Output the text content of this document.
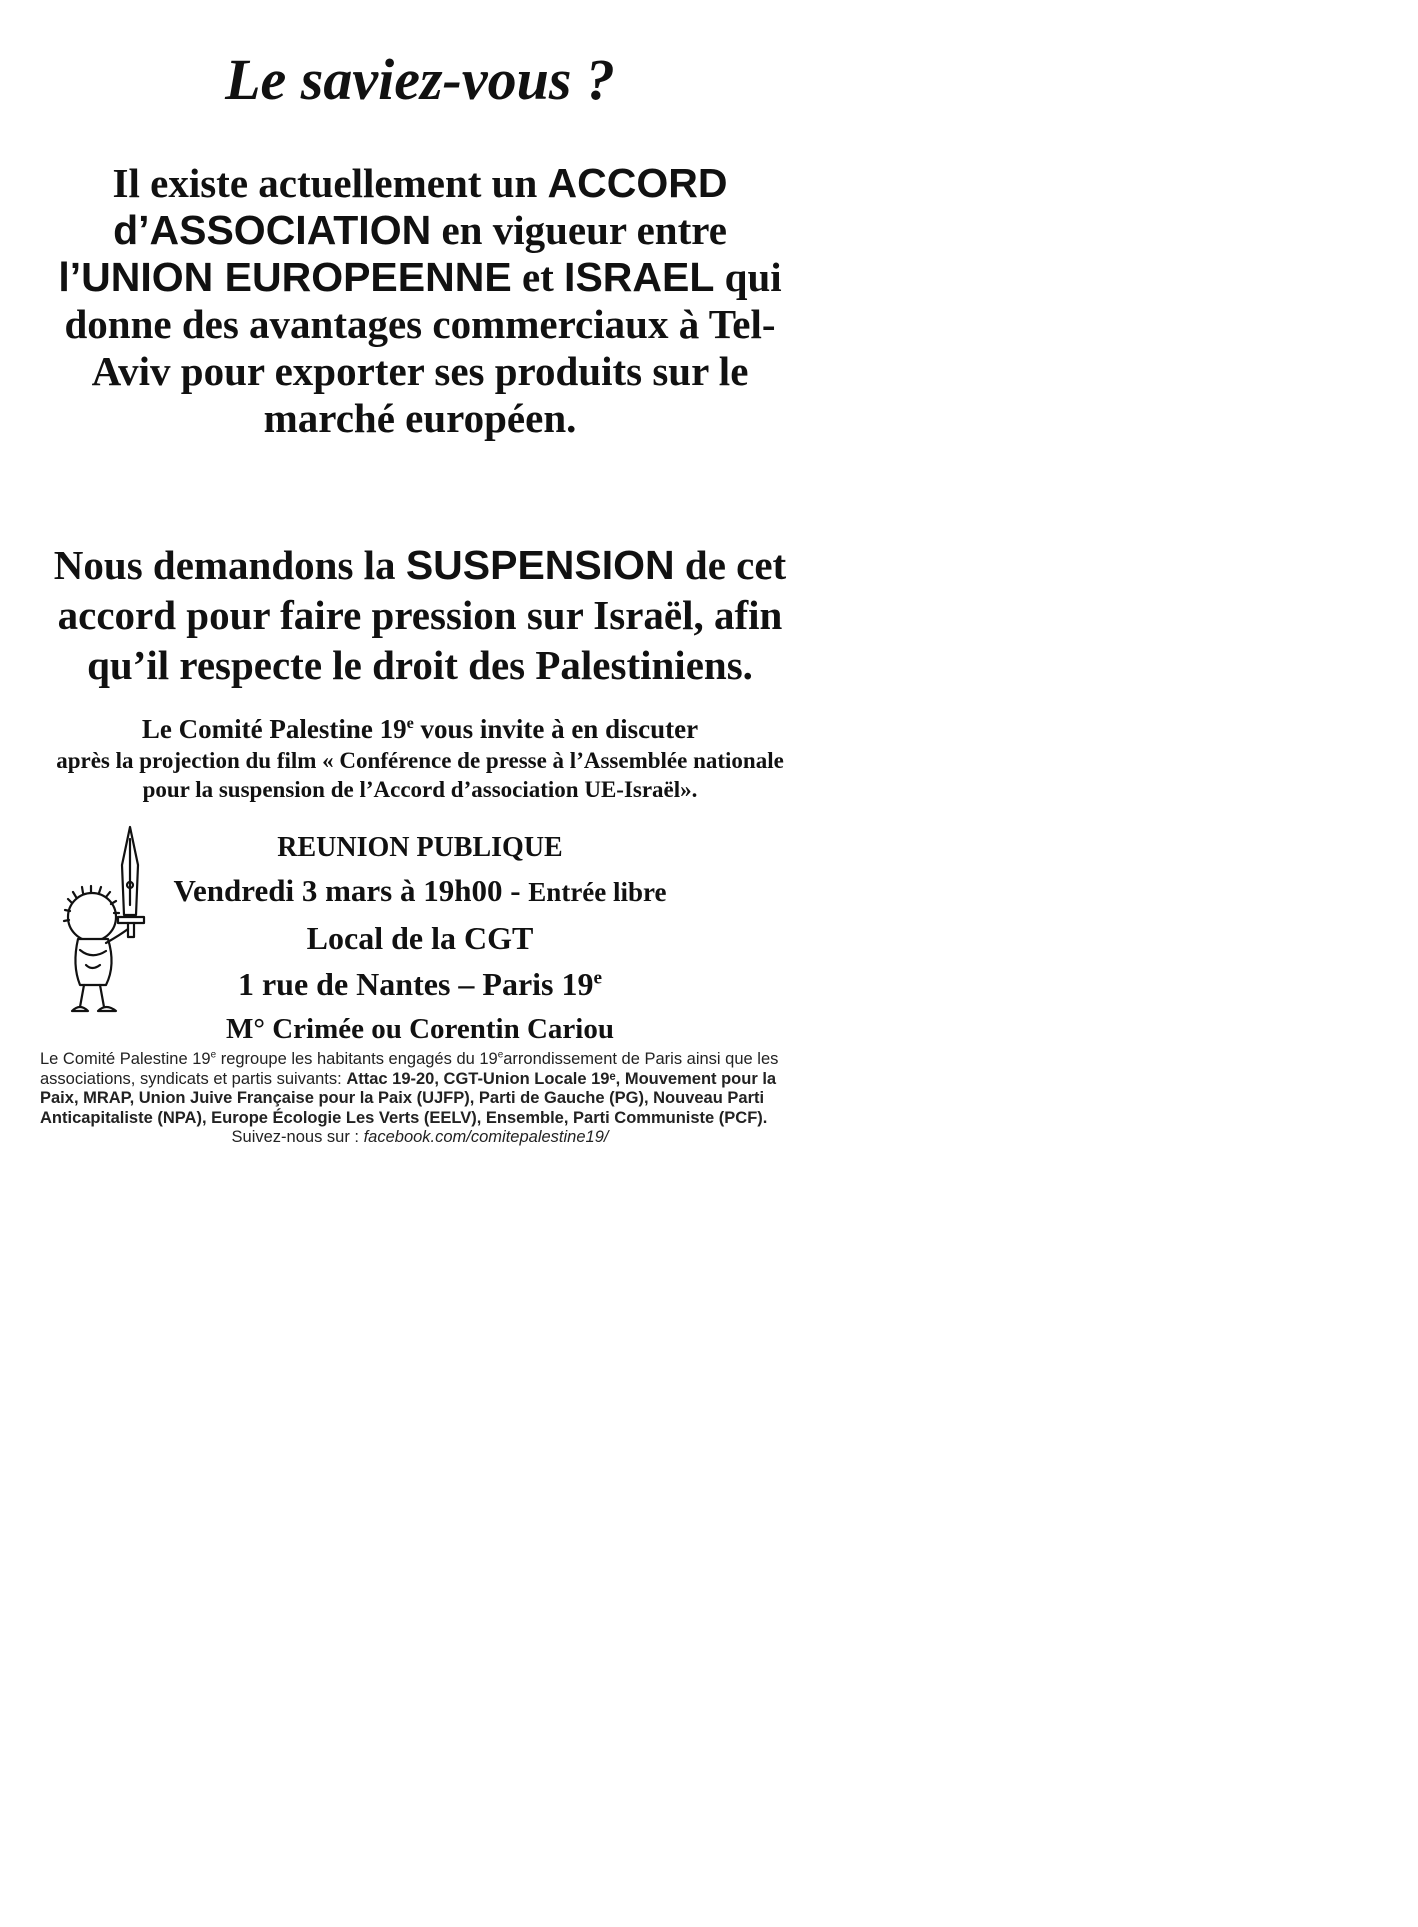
Le saviez-vous ?
Il existe actuellement un ACCORD d’ASSOCIATION en vigueur entre l’UNION EUROPEENNE et ISRAEL qui donne des avantages commerciaux à Tel-Aviv pour exporter ses produits sur le marché européen.
Nous demandons la SUSPENSION de cet accord pour faire pression sur Israël, afin qu’il respecte le droit des Palestiniens.
Le Comité Palestine 19e vous invite à en discuter
après la projection du film « Conférence de presse à l’Assemblée nationale pour la suspension de l’Accord d’association UE-Israël».
REUNION PUBLIQUE
Vendredi 3 mars à 19h00 - Entrée libre
Local de la CGT
1 rue de Nantes – Paris 19e
M° Crimée ou Corentin Cariou
Le Comité Palestine 19e regroupe les habitants engagés du 19earrondissement de Paris ainsi que les associations, syndicats et partis suivants: Attac 19-20, CGT-Union Locale 19ᵉ, Mouvement pour la Paix, MRAP, Union Juive Française pour la Paix (UJFP), Parti de Gauche (PG), Nouveau Parti Anticapitaliste (NPA), Europe Écologie Les Verts (EELV), Ensemble, Parti Communiste (PCF).
Suivez-nous sur : facebook.com/comitepalestine19/
